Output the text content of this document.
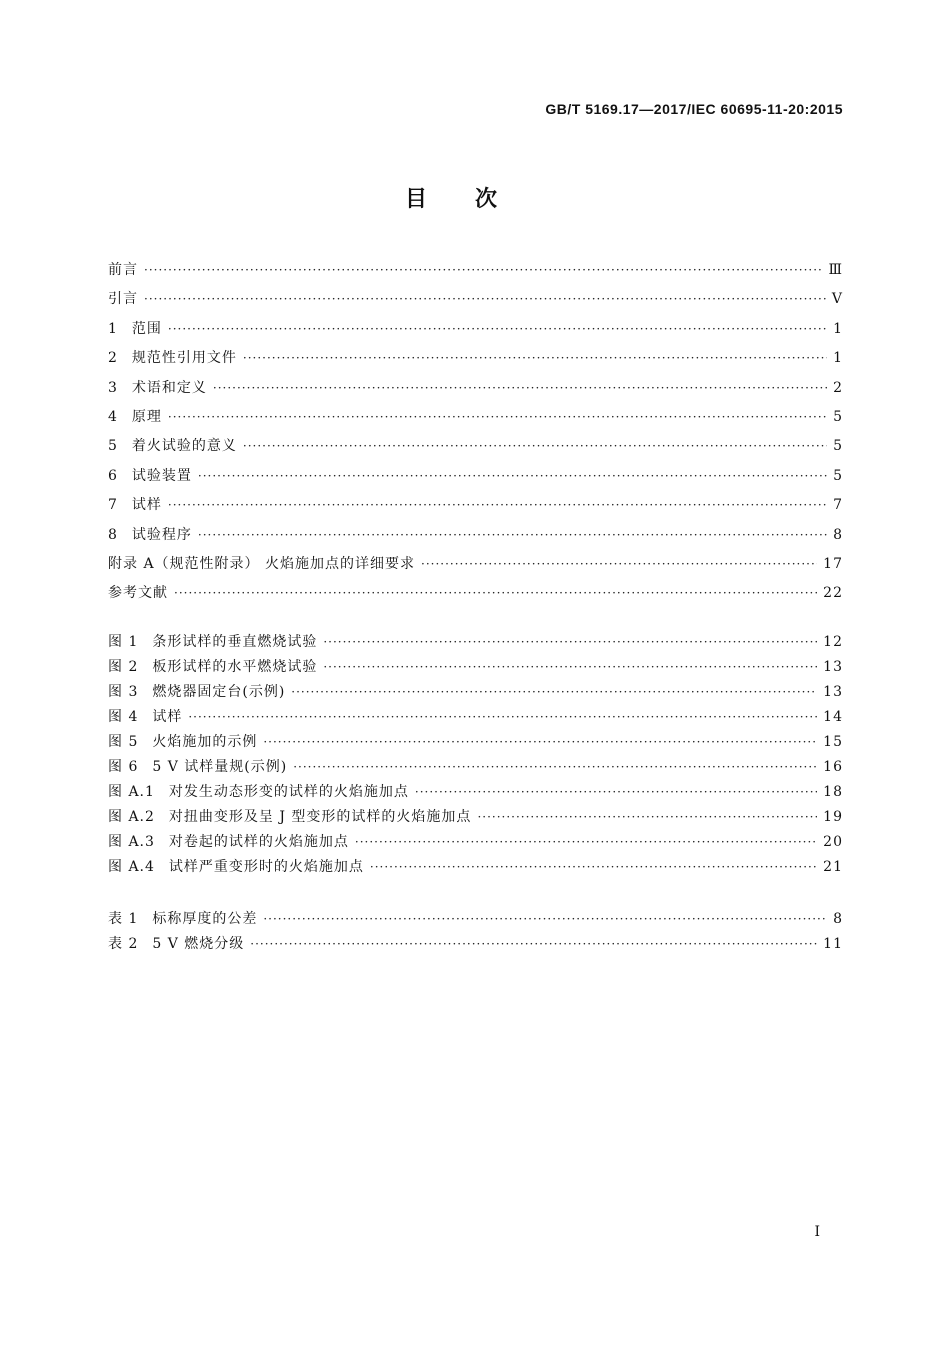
GB/T 5169.17—2017/IEC 60695-11-20:2015
目次
前言 ·····	Ⅲ
引言 ·····	Ⅴ
1 范围 ·····	1
2 规范性引用文件 ·····	1
3 术语和定义 ·····	2
4 原理 ·····	5
5 着火试验的意义 ·····	5
6 试验装置 ·····	5
7 试样 ·····	7
8 试验程序 ·····	8
附录 A（规范性附录） 火焰施加点的详细要求 ·····	17
参考文献 ·····	22
图 1 条形试样的垂直燃烧试验 ·····	12
图 2 板形试样的水平燃烧试验 ·····	13
图 3 燃烧器固定台(示例) ·····	13
图 4 试样 ·····	14
图 5 火焰施加的示例 ·····	15
图 6 5 V 试样量规(示例) ·····	16
图 A.1 对发生动态形变的试样的火焰施加点 ·····	18
图 A.2 对扭曲变形及呈 J 型变形的试样的火焰施加点 ·····	19
图 A.3 对卷起的试样的火焰施加点 ·····	20
图 A.4 试样严重变形时的火焰施加点 ·····	21
表 1 标称厚度的公差 ·····	8
表 2 5 V 燃烧分级 ·····	11
I
